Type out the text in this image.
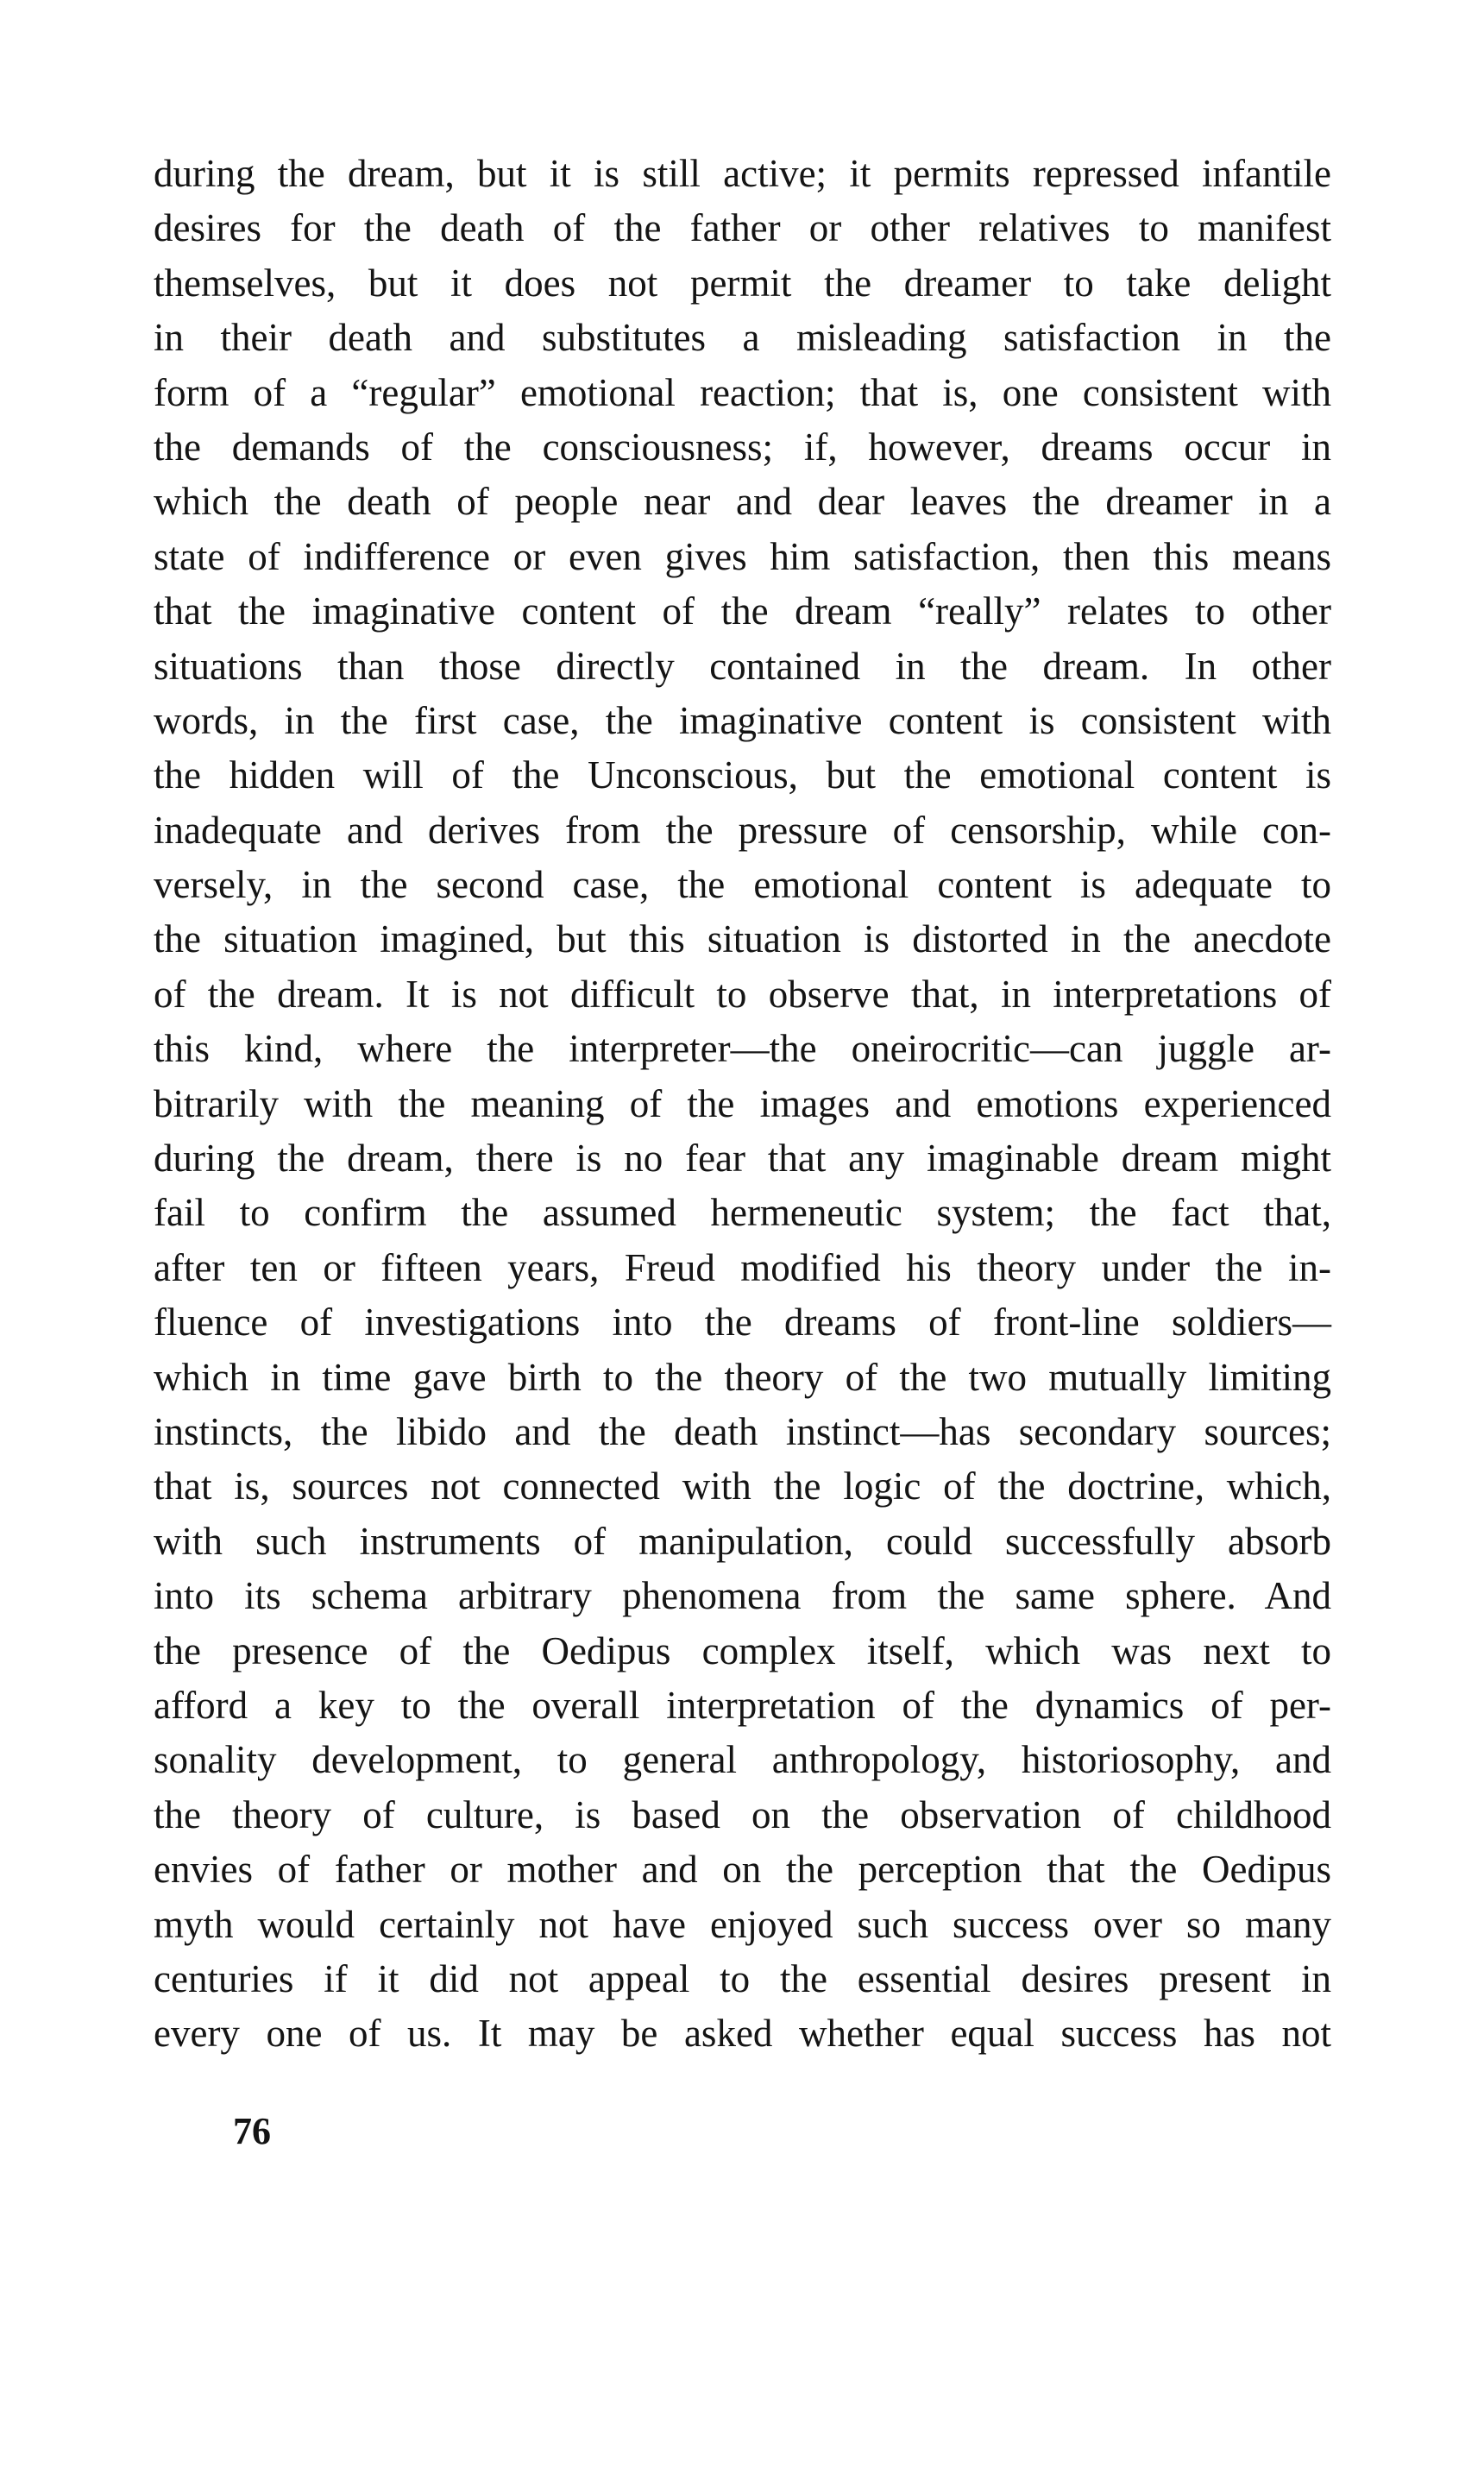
during the dream, but it is still active; it permits repressed infantile
desires for the death of the father or other relatives to manifest
themselves, but it does not permit the dreamer to take delight
in their death and substitutes a misleading satisfaction in the
form of a “regular” emotional reaction; that is, one consistent with
the demands of the consciousness; if, however, dreams occur in
which the death of people near and dear leaves the dreamer in a
state of indifference or even gives him satisfaction, then this means
that the imaginative content of the dream “really” relates to other
situations than those directly contained in the dream. In other
words, in the first case, the imaginative content is consistent with
the hidden will of the Unconscious, but the emotional content is
inadequate and derives from the pressure of censorship, while con-
versely, in the second case, the emotional content is adequate to
the situation imagined, but this situation is distorted in the anecdote
of the dream. It is not difficult to observe that, in interpretations of
this kind, where the interpreter—the oneirocritic—can juggle ar-
bitrarily with the meaning of the images and emotions experienced
during the dream, there is no fear that any imaginable dream might
fail to confirm the assumed hermeneutic system; the fact that,
after ten or fifteen years, Freud modified his theory under the in-
fluence of investigations into the dreams of front-line soldiers—
which in time gave birth to the theory of the two mutually limiting
instincts, the libido and the death instinct—has secondary sources;
that is, sources not connected with the logic of the doctrine, which,
with such instruments of manipulation, could successfully absorb
into its schema arbitrary phenomena from the same sphere. And
the presence of the Oedipus complex itself, which was next to
afford a key to the overall interpretation of the dynamics of per-
sonality development, to general anthropology, historiosophy, and
the theory of culture, is based on the observation of childhood
envies of father or mother and on the perception that the Oedipus
myth would certainly not have enjoyed such success over so many
centuries if it did not appeal to the essential desires present in
every one of us. It may be asked whether equal success has not
76
